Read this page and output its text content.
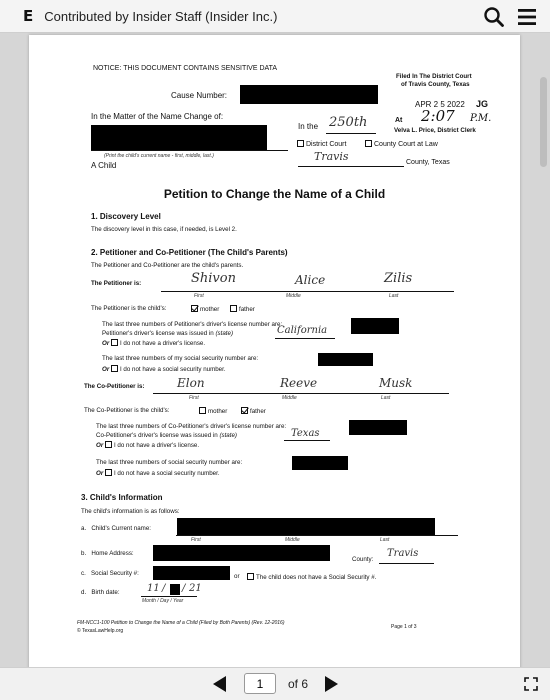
E Contributed by Insider Staff (Insider Inc.)
NOTICE: THIS DOCUMENT CONTAINS SENSITIVE DATA
Filed In The District Court
of Travis County, Texas
APR 2 5 2022 JG
At 2:07 P.M.
Velva L. Price, District Clerk
Cause Number:
In the Matter of the Name Change of:
In the 250th
(Print the child's current name - first, middle, last.)
A Child
District Court	County Court at Law
Travis	County, Texas
Petition to Change the Name of a Child
1. Discovery Level
The discovery level in this case, if needed, is Level 2.
2. Petitioner and Co-Petitioner (The Child's Parents)
The Petitioner and Co-Petitioner are the child's parents.
The Petitioner is:	Shivon	Alice	Zilis
First	Middle	Last
The Petitioner is the child's:	mother	father
The last three numbers of Petitioner's driver's license number are:
Petitioner's driver's license was issued in (state)	California
Or I do not have a driver's license.
The last three numbers of my social security number are:
Or I do not have a social security number.
The Co-Petitioner is:	Elon	Reeve	Musk
First	Middle	Last
The Co-Petitioner is the child's:	mother	father
The last three numbers of Co-Petitioner's driver's license number are:
Co-Petitioner's driver's license was issued in (state)	Texas
Or I do not have a driver's license.
The last three numbers of social security number are:
Or I do not have a social security number.
3. Child's Information
The child's information is as follows:
a. Child's Current name:
First	Middle	Last
b. Home Address:
County:
Travis
c. Social Security #:	or	The child does not have a Social Security #.
d. Birth date:	11 / / 21
Month / Day / Year
FM-NCC1-100 Petition to Change the Name of a Child (Filed by Both Parents) (Rev. 12-2016)
© TexasLawHelp.org
Page 1 of 3
1
of 6
